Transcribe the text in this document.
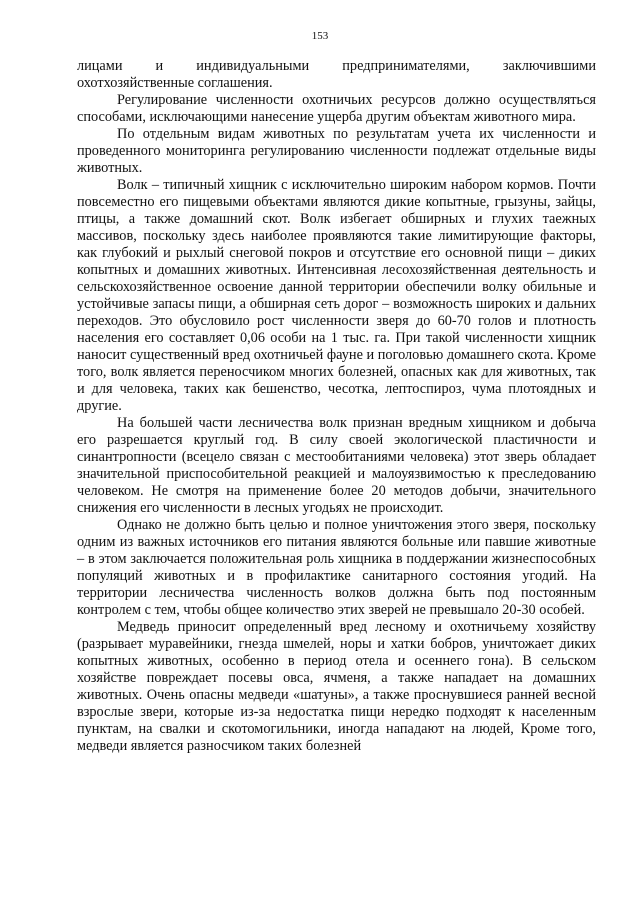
153

лицами и индивидуальными предпринимателями, заключившими охотхозяйственные соглашения.

Регулирование численности охотничьих ресурсов должно осуществляться способами, исключающими нанесение ущерба другим объектам животного мира.

По отдельным видам животных по результатам учета их численности и проведенного мониторинга регулированию численности подлежат отдельные виды животных.

Волк – типичный хищник с исключительно широким набором кормов. Почти повсеместно его пищевыми объектами являются дикие копытные, грызуны, зайцы, птицы, а также домашний скот. Волк избегает обширных и глухих таежных массивов, поскольку здесь наиболее проявляются такие лимитирующие факторы, как глубокий и рыхлый снеговой покров и отсутствие его основной пищи – диких копытных и домашних животных. Интенсивная лесохозяйственная деятельность и сельскохозяйственное освоение данной территории обеспечили волку обильные и устойчивые запасы пищи, а обширная сеть дорог – возможность широких и дальних переходов. Это обусловило рост численности зверя до 60-70 голов и плотность населения его составляет 0,06 особи на 1 тыс. га. При такой численности хищник наносит существенный вред охотничьей фауне и поголовью домашнего скота. Кроме того, волк является переносчиком многих болезней, опасных как для животных, так и для человека, таких как бешенство, чесотка, лептоспироз, чума плотоядных и другие.

На большей части лесничества волк признан вредным хищником и добыча его разрешается круглый год. В силу своей экологической пластичности и синантропности (всецело связан с местообитаниями человека) этот зверь обладает значительной приспособительной реакцией и малоуязвимостью к преследованию человеком. Не смотря на применение более 20 методов добычи, значительного снижения его численности в лесных угодьях не происходит.

Однако не должно быть целью и полное уничтожения этого зверя, поскольку одним из важных источников его питания являются больные или павшие животные – в этом заключается положительная роль хищника в поддержании жизнеспособных популяций животных и в профилактике санитарного состояния угодий. На территории лесничества численность волков должна быть под постоянным контролем с тем, чтобы общее количество этих зверей не превышало 20-30 особей.

Медведь приносит определенный вред лесному и охотничьему хозяйству (разрывает муравейники, гнезда шмелей, норы и хатки бобров, уничтожает диких копытных животных, особенно в период отела и осеннего гона). В сельском хозяйстве повреждает посевы овса, ячменя, а также нападает на домашних животных. Очень опасны медведи «шатуны», а также проснувшиеся ранней весной взрослые звери, которые из-за недостатка пищи нередко подходят к населенным пунктам, на свалки и скотомогильники, иногда нападают на людей, Кроме того, медведи является разносчиком таких болезней
